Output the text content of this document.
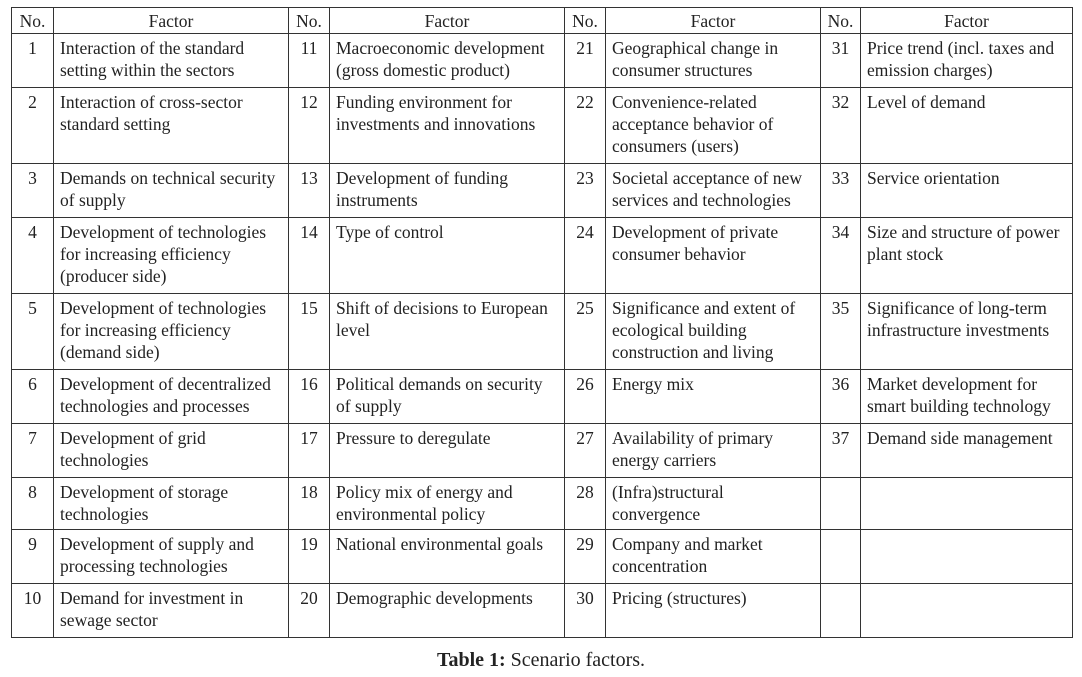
No.	Factor	No.	Factor	No.	Factor	No.	Factor
1	Interaction of the standard setting within the sectors	11	Macroeconomic development (gross domestic product)	21	Geographical change in consumer structures	31	Price trend (incl. taxes and emission charges)
2	Interaction of cross-sector standard setting	12	Funding environment for investments and innovations	22	Convenience-related acceptance behavior of consumers (users)	32	Level of demand
3	Demands on technical security of supply	13	Development of funding instruments	23	Societal acceptance of new services and technologies	33	Service orientation
4	Development of technologies for increasing efficiency (producer side)	14	Type of control	24	Development of private consumer behavior	34	Size and structure of power plant stock
5	Development of technologies for increasing efficiency (demand side)	15	Shift of decisions to European level	25	Significance and extent of ecological building construction and living	35	Significance of long-term infrastructure investments
6	Development of decentralized technologies and processes	16	Political demands on security of supply	26	Energy mix	36	Market development for smart building technology
7	Development of grid technologies	17	Pressure to deregulate	27	Availability of primary energy carriers	37	Demand side management
8	Development of storage technologies	18	Policy mix of energy and environmental policy	28	(Infra)structural convergence		
9	Development of supply and processing technologies	19	National environmental goals	29	Company and market concentration		
10	Demand for investment in sewage sector	20	Demographic developments	30	Pricing (structures)		
Table 1: Scenario factors.
